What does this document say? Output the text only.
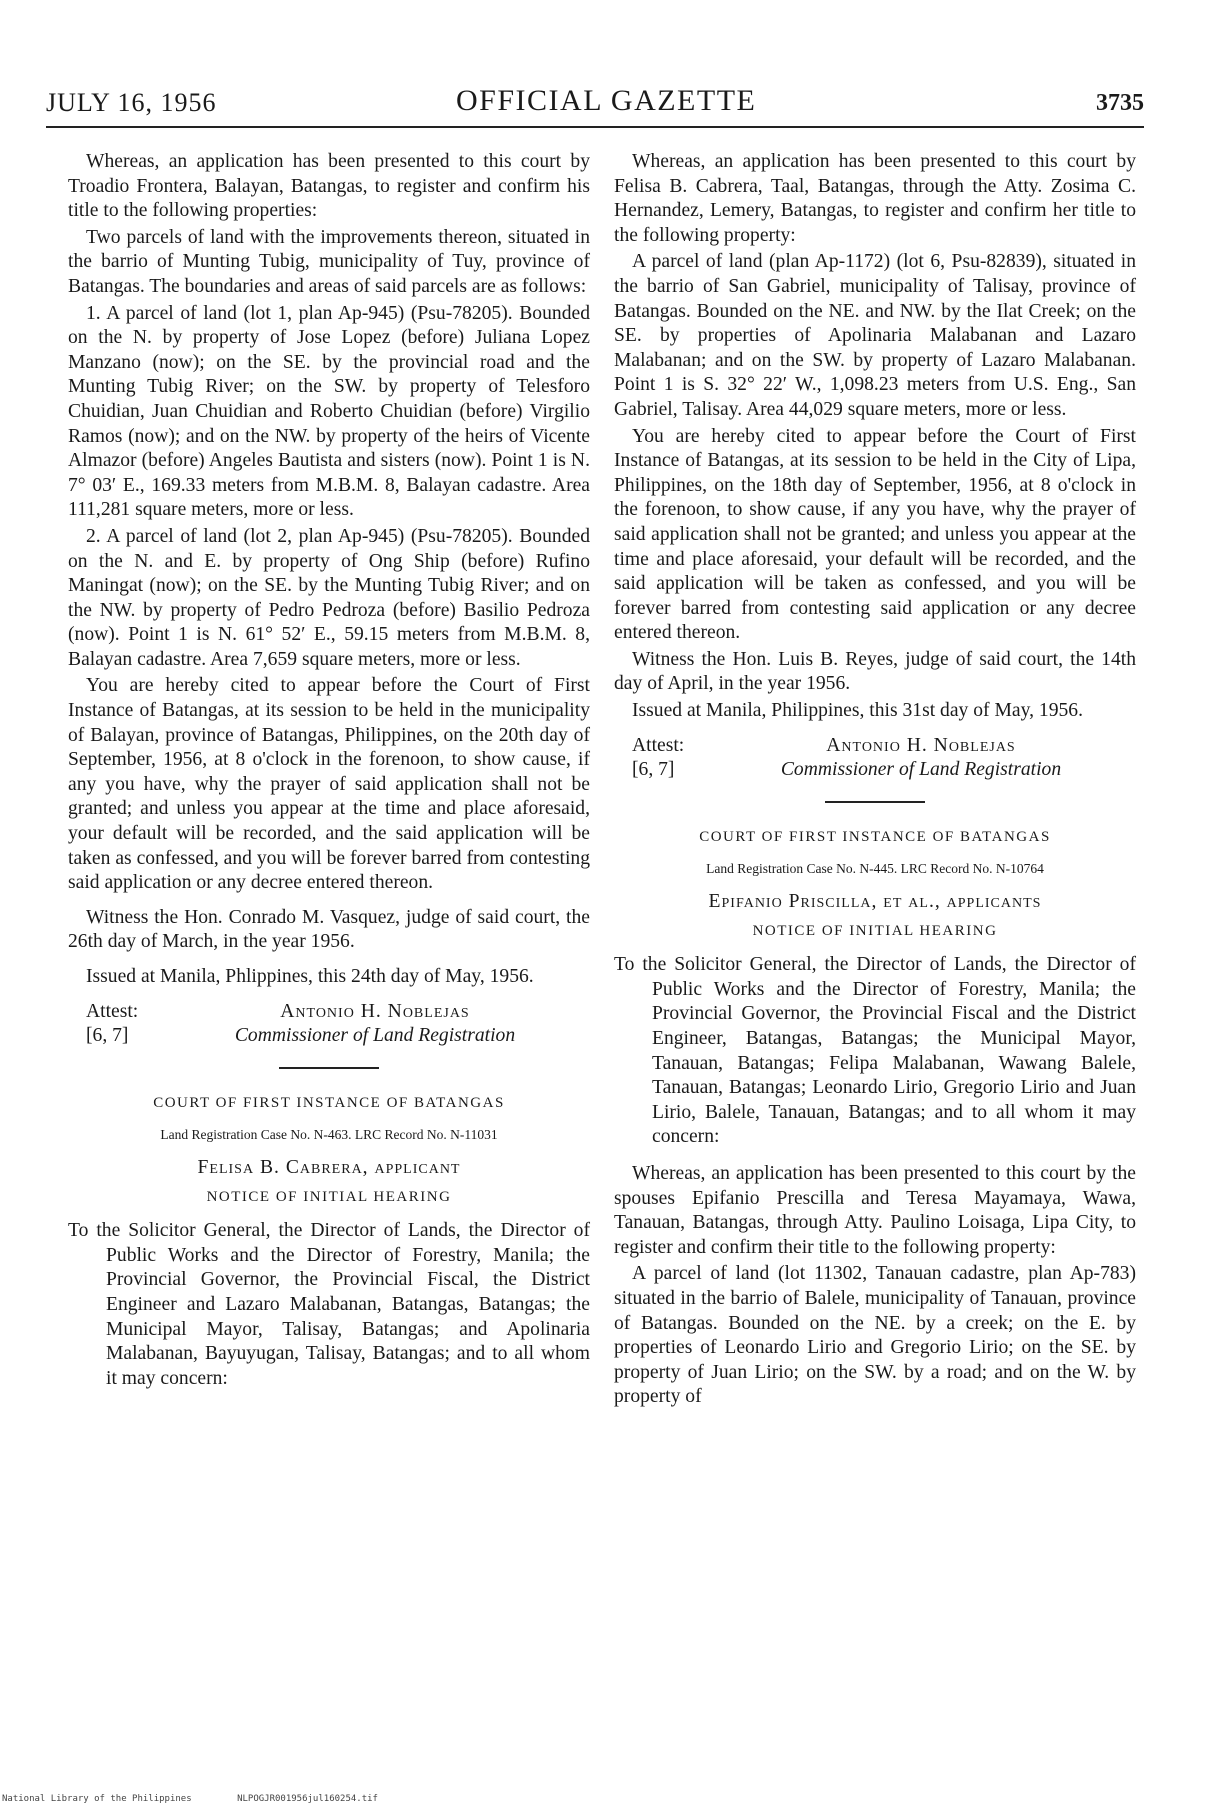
JULY 16, 1956	OFFICIAL GAZETTE	3735

Whereas, an application has been presented to this court by Troadio Frontera, Balayan, Batangas, to register and confirm his title to the following properties:

Two parcels of land with the improvements thereon, situated in the barrio of Munting Tubig, municipality of Tuy, province of Batangas. The boundaries and areas of said parcels are as follows:

1. A parcel of land (lot 1, plan Ap-945) (Psu-78205). Bounded on the N. by property of Jose Lopez (before) Juliana Lopez Manzano (now); on the SE. by the provincial road and the Munting Tubig River; on the SW. by property of Telesforo Chuidian, Juan Chuidian and Roberto Chuidian (before) Virgilio Ramos (now); and on the NW. by property of the heirs of Vicente Almazor (before) Angeles Bautista and sisters (now). Point 1 is N. 7° 03′ E., 169.33 meters from M.B.M. 8, Balayan cadastre. Area 111,281 square meters, more or less.

2. A parcel of land (lot 2, plan Ap-945) (Psu-78205). Bounded on the N. and E. by property of Ong Ship (before) Rufino Maningat (now); on the SE. by the Munting Tubig River; and on the NW. by property of Pedro Pedroza (before) Basilio Pedroza (now). Point 1 is N. 61° 52′ E., 59.15 meters from M.B.M. 8, Balayan cadastre. Area 7,659 square meters, more or less.

You are hereby cited to appear before the Court of First Instance of Batangas, at its session to be held in the municipality of Balayan, province of Batangas, Philippines, on the 20th day of September, 1956, at 8 o'clock in the forenoon, to show cause, if any you have, why the prayer of said application shall not be granted; and unless you appear at the time and place aforesaid, your default will be recorded, and the said application will be taken as confessed, and you will be forever barred from contesting said application or any decree entered thereon.

Witness the Hon. Conrado M. Vasquez, judge of said court, the 26th day of March, in the year 1956.

Issued at Manila, Phlippines, this 24th day of May, 1956.

Attest:	Antonio H. Noblejas
[6, 7]	Commissioner of Land Registration
COURT OF FIRST INSTANCE OF BATANGAS
Land Registration Case No. N-463. LRC Record No. N-11031
Felisa B. Cabrera, applicant
NOTICE OF INITIAL HEARING
To the Solicitor General, the Director of Lands, the Director of Public Works and the Director of Forestry, Manila; the Provincial Governor, the Provincial Fiscal, the District Engineer and Lazaro Malabanan, Batangas, Batangas; the Municipal Mayor, Talisay, Batangas; and Apolinaria Malabanan, Bayuyugan, Talisay, Batangas; and to all whom it may concern:

Whereas, an application has been presented to this court by Felisa B. Cabrera, Taal, Batangas, through the Atty. Zosima C. Hernandez, Lemery, Batangas, to register and confirm her title to the following property:

A parcel of land (plan Ap-1172) (lot 6, Psu-82839), situated in the barrio of San Gabriel, municipality of Talisay, province of Batangas. Bounded on the NE. and NW. by the Ilat Creek; on the SE. by properties of Apolinaria Malabanan and Lazaro Malabanan; and on the SW. by property of Lazaro Malabanan. Point 1 is S. 32° 22′ W., 1,098.23 meters from U.S. Eng., San Gabriel, Talisay. Area 44,029 square meters, more or less.

You are hereby cited to appear before the Court of First Instance of Batangas, at its session to be held in the City of Lipa, Philippines, on the 18th day of September, 1956, at 8 o'clock in the forenoon, to show cause, if any you have, why the prayer of said application shall not be granted; and unless you appear at the time and place aforesaid, your default will be recorded, and the said application will be taken as confessed, and you will be forever barred from contesting said application or any decree entered thereon.

Witness the Hon. Luis B. Reyes, judge of said court, the 14th day of April, in the year 1956.

Issued at Manila, Philippines, this 31st day of May, 1956.

Attest:	Antonio H. Noblejas
[6, 7]	Commissioner of Land Registration
COURT OF FIRST INSTANCE OF BATANGAS
Land Registration Case No. N-445. LRC Record No. N-10764
Epifanio Priscilla, et al., applicants
NOTICE OF INITIAL HEARING
To the Solicitor General, the Director of Lands, the Director of Public Works and the Director of Forestry, Manila; the Provincial Governor, the Provincial Fiscal and the District Engineer, Batangas, Batangas; the Municipal Mayor, Tanauan, Batangas; Felipa Malabanan, Wawang Balele, Tanauan, Batangas; Leonardo Lirio, Gregorio Lirio and Juan Lirio, Balele, Tanauan, Batangas; and to all whom it may concern:

Whereas, an application has been presented to this court by the spouses Epifanio Prescilla and Teresa Mayamaya, Wawa, Tanauan, Batangas, through Atty. Paulino Loisaga, Lipa City, to register and confirm their title to the following property:

A parcel of land (lot 11302, Tanauan cadastre, plan Ap-783) situated in the barrio of Balele, municipality of Tanauan, province of Batangas. Bounded on the NE. by a creek; on the E. by properties of Leonardo Lirio and Gregorio Lirio; on the SE. by property of Juan Lirio; on the SW. by a road; and on the W. by property of

National Library of the Philippines	NLPOGJR001956jul160254.tif
